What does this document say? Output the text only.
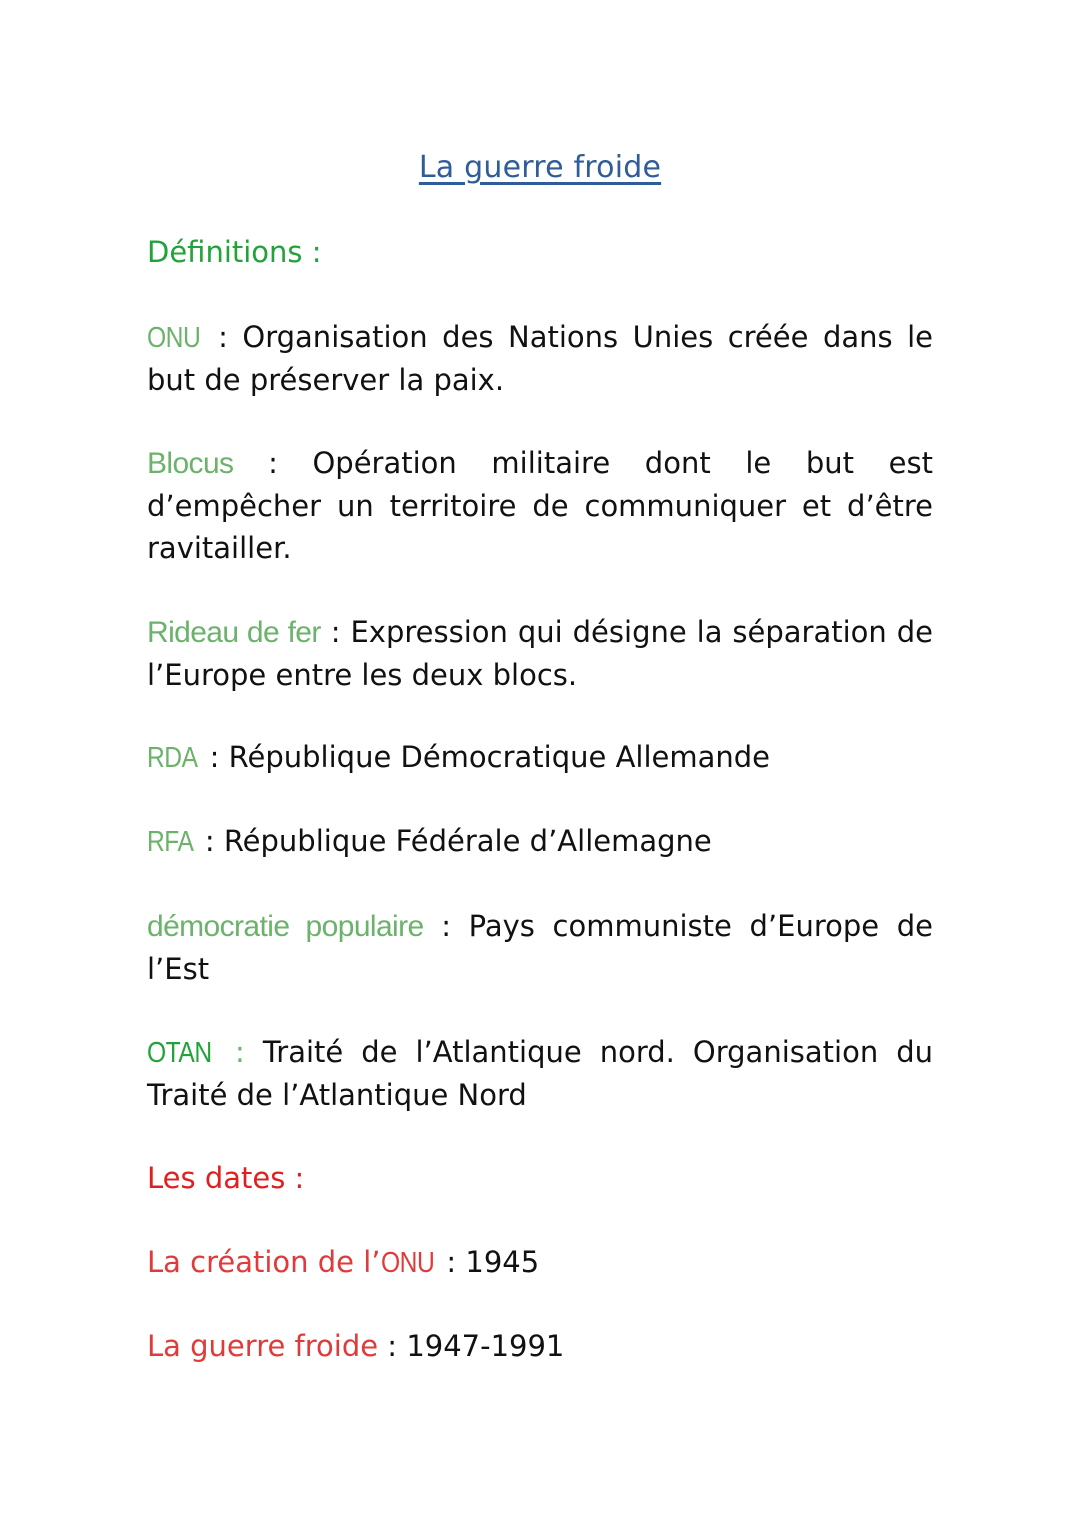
La guerre froide
Définitions :
ONU : Organisation des Nations Unies créée dans le but de préserver la paix.
Blocus : Opération militaire dont le but est d’empêcher un territoire de communiquer et d’être ravitailler.
Rideau de fer : Expression qui désigne la séparation de l’Europe entre les deux blocs.
RDA : République Démocratique Allemande
RFA : République Fédérale d’Allemagne
démocratie populaire : Pays communiste d’Europe de l’Est
OTAN : Traité de l’Atlantique nord. Organisation du Traité de l’Atlantique Nord
Les dates :
La création de l’ONU : 1945
La guerre froide : 1947-1991
